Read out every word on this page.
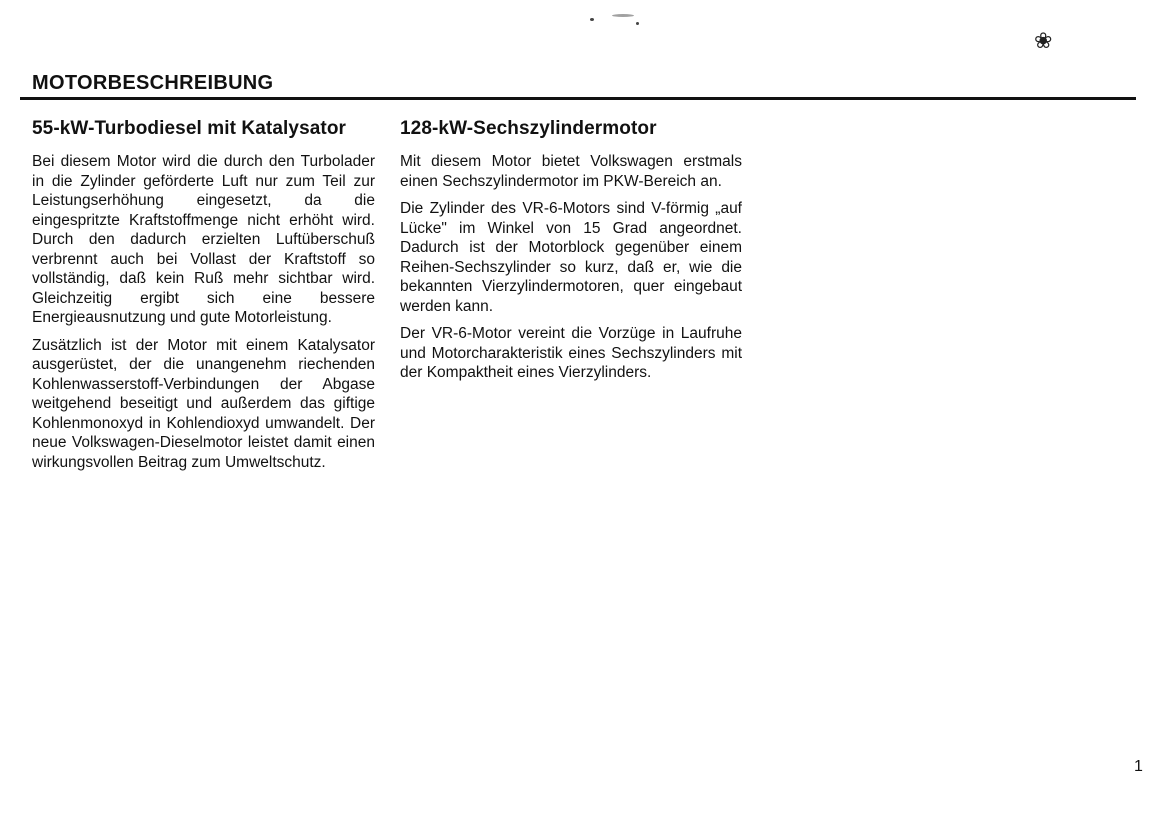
MOTORBESCHREIBUNG
55-kW-Turbodiesel mit Katalysator

Bei diesem Motor wird die durch den Turbolader in die Zylinder geförderte Luft nur zum Teil zur Leistungserhöhung eingesetzt, da die eingespritzte Kraftstoffmenge nicht erhöht wird. Durch den dadurch erzielten Luftüberschuß verbrennt auch bei Vollast der Kraftstoff so vollständig, daß kein Ruß mehr sichtbar wird. Gleichzeitig ergibt sich eine bessere Energieausnutzung und gute Motorleistung.

Zusätzlich ist der Motor mit einem Katalysator ausgerüstet, der die unangenehm riechenden Kohlenwasserstoff-Verbindungen der Abgase weitgehend beseitigt und außerdem das giftige Kohlenmonoxyd in Kohlendioxyd umwandelt. Der neue Volkswagen-Dieselmotor leistet damit einen wirkungsvollen Beitrag zum Umweltschutz.

128-kW-Sechszylindermotor

Mit diesem Motor bietet Volkswagen erstmals einen Sechszylindermotor im PKW-Bereich an.

Die Zylinder des VR-6-Motors sind V-förmig „auf Lücke" im Winkel von 15 Grad angeordnet. Dadurch ist der Motorblock gegenüber einem Reihen-Sechszylinder so kurz, daß er, wie die bekannten Vierzylindermotoren, quer eingebaut werden kann.

Der VR-6-Motor vereint die Vorzüge in Laufruhe und Motorcharakteristik eines Sechszylinders mit der Kompaktheit eines Vierzylinders.

❀
1
